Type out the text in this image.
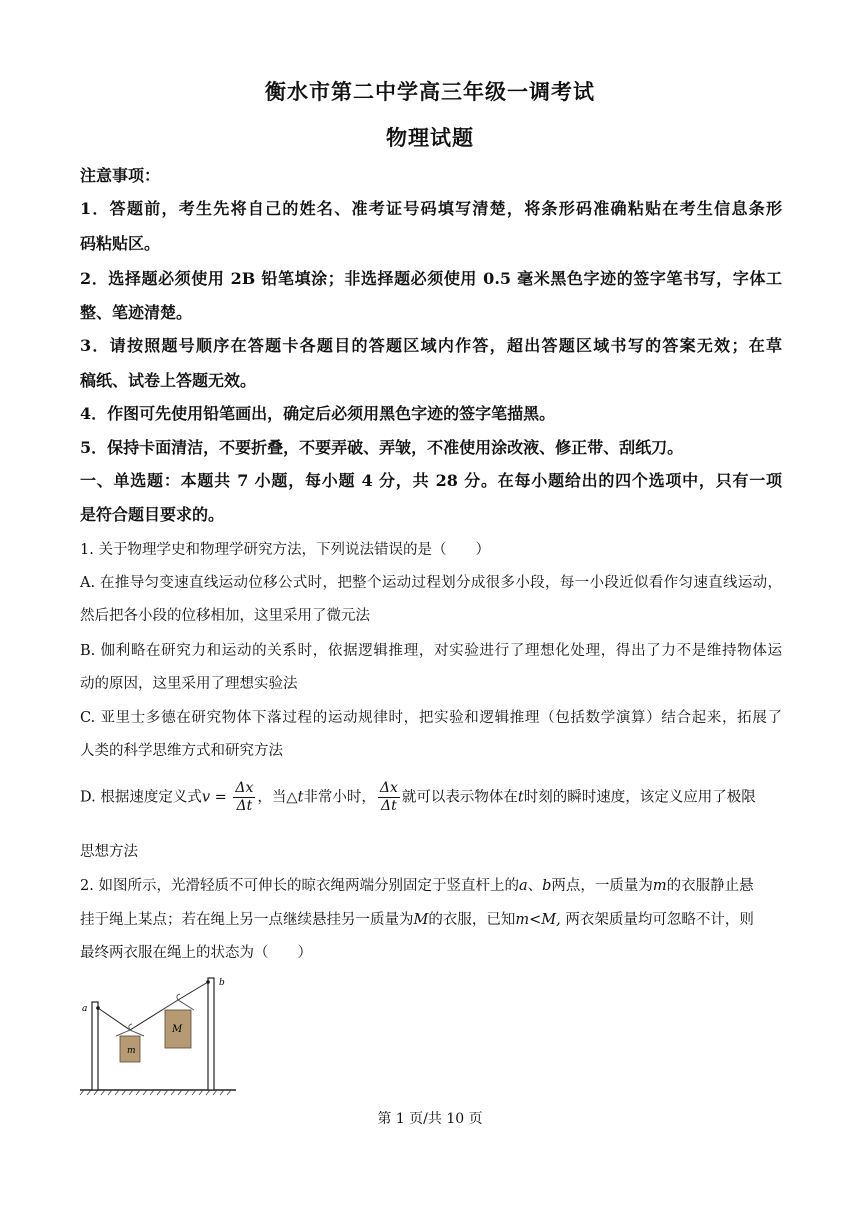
衡水市第二中学高三年级一调考试
物理试题
注意事项：
1．答题前，考生先将自己的姓名、准考证号码填写清楚，将条形码准确粘贴在考生信息条形
码粘贴区。
2．选择题必须使用 2B 铅笔填涂；非选择题必须使用 0.5 毫米黑色字迹的签字笔书写，字体工
整、笔迹清楚。
3．请按照题号顺序在答题卡各题目的答题区域内作答，超出答题区域书写的答案无效；在草
稿纸、试卷上答题无效。
4．作图可先使用铅笔画出，确定后必须用黑色字迹的签字笔描黑。
5．保持卡面清洁，不要折叠，不要弄破、弄皱，不准使用涂改液、修正带、刮纸刀。
一、单选题：本题共 7 小题，每小题 4 分，共 28 分。在每小题给出的四个选项中，只有一项
是符合题目要求的。
1. 关于物理学史和物理学研究方法，下列说法错误的是（　　）
A. 在推导匀变速直线运动位移公式时，把整个运动过程划分成很多小段，每一小段近似看作匀速直线运动，
然后把各小段的位移相加，这里采用了微元法
B. 伽利略在研究力和运动的关系时，依据逻辑推理，对实验进行了理想化处理，得出了力不是维持物体运
动的原因，这里采用了理想实验法
C. 亚里士多德在研究物体下落过程的运动规律时，把实验和逻辑推理（包括数学演算）结合起来，拓展了
人类的科学思维方式和研究方法
D. 根据速度定义式$v = \frac{\Delta x}{\Delta t}$ ，当△t非常小时， $\frac{\Delta x}{\Delta t}$ 就可以表示物体在t时刻的瞬时速度，该定义应用了极限
思想方法
2. 如图所示，光滑轻质不可伸长的晾衣绳两端分别固定于竖直杆上的a、b两点，一质量为m的衣服静止悬
挂于绳上某点；若在绳上另一点继续悬挂另一质量为M的衣服，已知m<M, 两衣架质量均可忽略不计，则
最终两衣服在绳上的状态为（　　）
a
b
m
M
第 1 页/共 10 页
